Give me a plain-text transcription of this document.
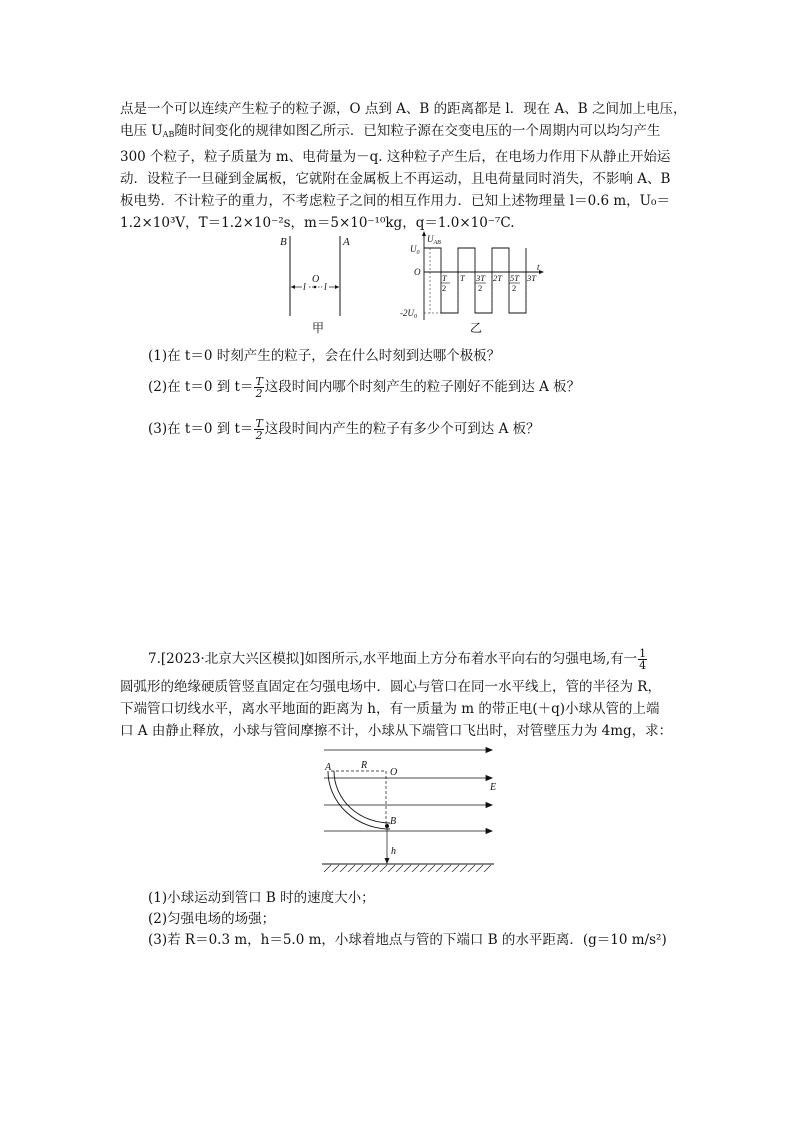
点是一个可以连续产生粒子的粒子源，O 点到 A、B 的距离都是 l．现在 A、B 之间加上电压，
电压 $U_{AB}$随时间变化的规律如图乙所示．已知粒子源在交变电压的一个周期内可以均匀产生
300 个粒子，粒子质量为 m、电荷量为－q. 这种粒子产生后，在电场力作用下从静止开始运
动．设粒子一旦碰到金属板，它就附在金属板上不再运动，且电荷量同时消失，不影响 A、B
板电势．不计粒子的重力，不考虑粒子之间的相互作用力．已知上述物理量 l＝0.6 m，U₀＝
1.2×10³V，T＝1.2×10⁻²s，m＝5×10⁻¹⁰kg，q＝1.0×10⁻⁷C.
B	A
O
l l
甲
$U_{AB}$
$U_0$
O
$-2U_0$
t
T
2
T 3T
2
2T 5T
2
3T
乙
(1)在 t＝0 时刻产生的粒子，会在什么时刻到达哪个极板？
(2)在 t＝0 到 $t= \frac{T}{2}$ 这段时间内哪个时刻产生的粒子刚好不能到达 A 板？
(3)在 t＝0 到 $t= \frac{T}{2}$ 这段时间内产生的粒子有多少个可到达 A 板？
7.[2023·北京大兴区模拟]如图所示,水平地面上方分布着水平向右的匀强电场,有一 $\frac{1}{4}$
圆弧形的绝缘硬质管竖直固定在匀强电场中．圆心与管口在同一水平线上，管的半径为 R，
下端管口切线水平，离水平地面的距离为 h，有一质量为 m 的带正电(＋q)小球从管的上端
口 A 由静止释放，小球与管间摩擦不计，小球从下端管口飞出时，对管壁压力为 4mg，求：
A	R
O
E
B
h
(1)小球运动到管口 B 时的速度大小；
(2)匀强电场的场强；
(3)若 R＝0.3 m，h＝5.0 m，小球着地点与管的下端口 B 的水平距离．(g＝10 m/s²)
